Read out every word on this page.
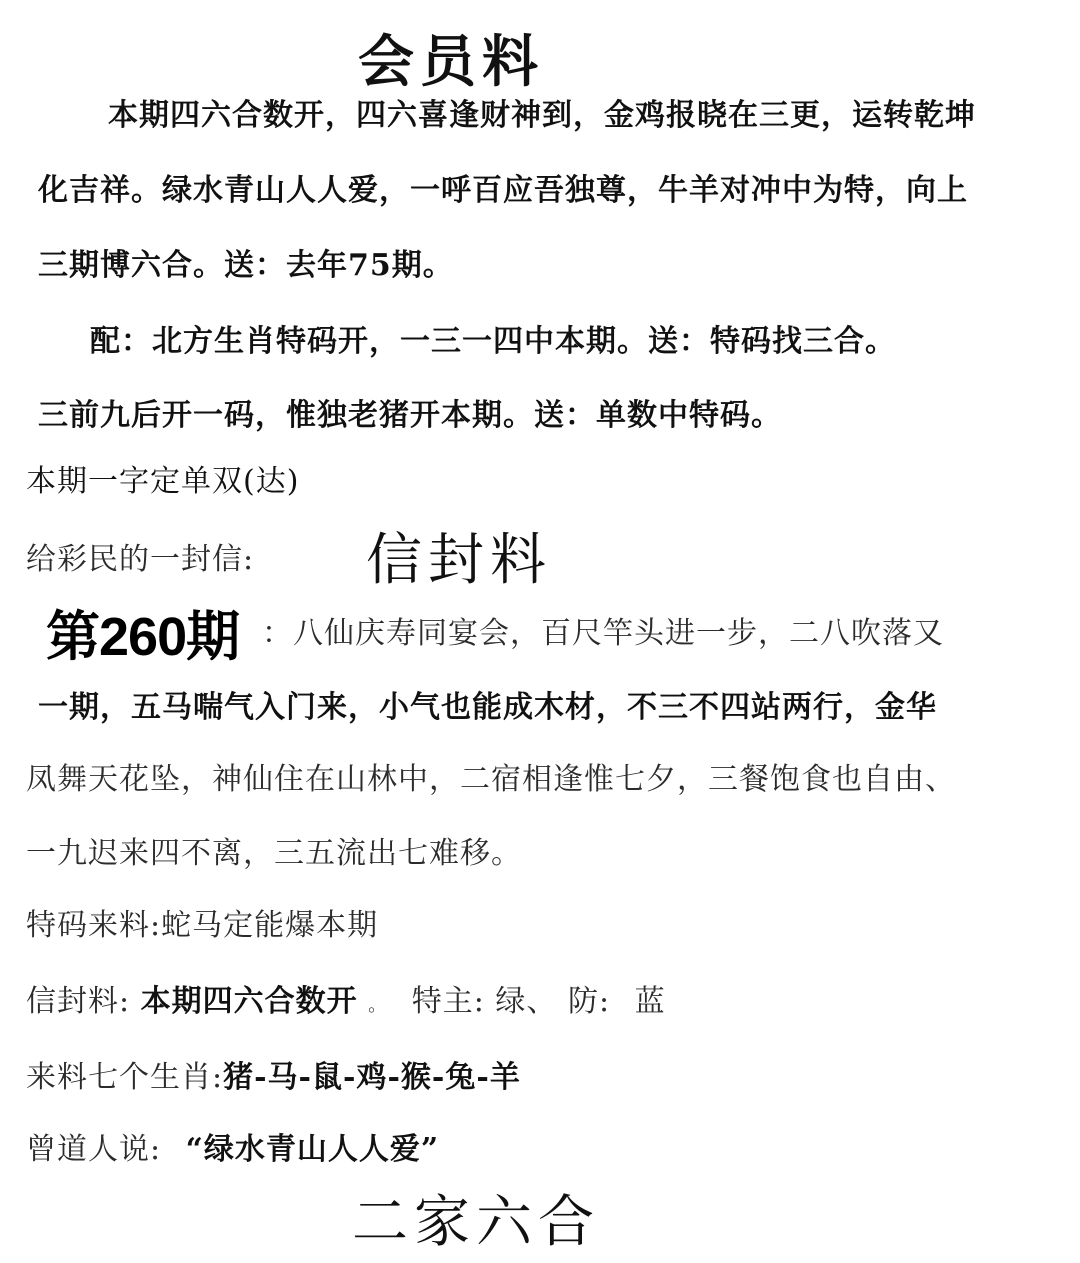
会员料
本期四六合数开，四六喜逢财神到，金鸡报晓在三更，运转乾坤
化吉祥。绿水青山人人爱，一呼百应吾独尊，牛羊对冲中为特，向上
三期博六合。送：去年75期。
配：北方生肖特码开，一三一四中本期。送：特码找三合。
三前九后开一码，惟独老猪开本期。送：单数中特码。
本期一字定单双(达)
给彩民的一封信: 信封料
第260期 ：八仙庆寿同宴会，百尺竿头进一步，二八吹落又
一期，五马喘气入门来，小气也能成木材，不三不四站两行，金华
凤舞天花坠，神仙住在山林中，二宿相逢惟七夕，三餐饱食也自由、
一九迟来四不离，三五流出七难移。
特码来料:蛇马定能爆本期
信封料: 本期四六合数开 。 特主: 绿、 防: 蓝
来料七个生肖:猪-马-鼠-鸡-猴-兔-羊
曾道人说: “绿水青山人人爱”
二家六合
